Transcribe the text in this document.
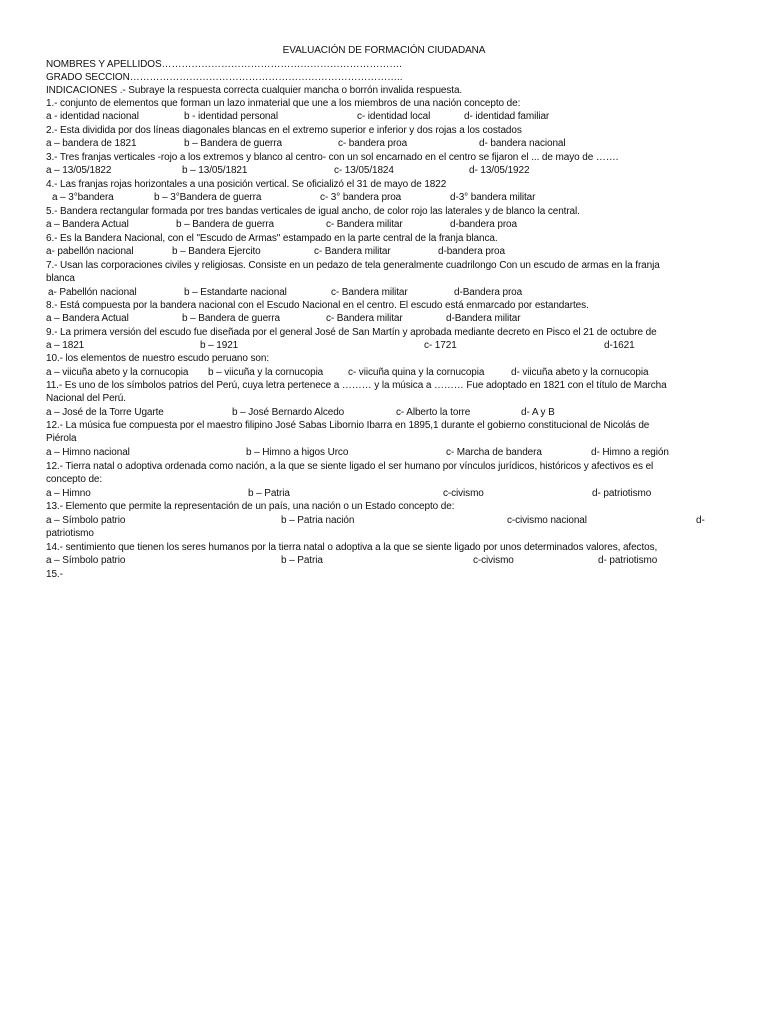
EVALUACIÓN DE FORMACIÓN CIUDADANA
NOMBRES Y APELLIDOS……………………………………………………………….
GRADO SECCION………………………………………………………………………..
INDICACIONES .- Subraye la respuesta correcta cualquier mancha o borrón invalida respuesta.
1.- conjunto de elementos que forman un lazo inmaterial que une a los miembros de una nación concepto de:
a - identidad nacional	b - identidad personal	c- identidad local	d- identidad familiar
2.- Esta dividida por dos líneas diagonales blancas en el extremo superior e inferior y dos rojas a los costados
a – bandera de 1821	b – Bandera de guerra	c- bandera proa	d- bandera nacional
3.- Tres franjas verticales -rojo a los extremos y blanco al centro- con un sol encarnado en el centro se fijaron el ... de mayo de …….
a – 13/05/1822	b – 13/05/1821	c- 13/05/1824	d- 13/05/1922
4.- Las franjas rojas horizontales a una posición vertical. Se oficializó el 31 de mayo de 1822
a – 3°bandera	b – 3°Bandera de guerra	c- 3° bandera proa	d-3° bandera militar
5.- Bandera rectangular formada por tres bandas verticales de igual ancho, de color rojo las laterales y de blanco la central.
a – Bandera Actual	b – Bandera de guerra	c- Bandera militar	d-bandera proa
6.- Es la Bandera Nacional, con el "Escudo de Armas" estampado en la parte central de la franja blanca.
a- pabellón nacional	b – Bandera Ejercito	c- Bandera militar	d-bandera proa
7.- Usan las corporaciones civiles y religiosas. Consiste en un pedazo de tela generalmente cuadrilongo Con un escudo de armas en la franja
blanca
a- Pabellón nacional	b – Estandarte nacional	c- Bandera militar	d-Bandera proa
8.- Está compuesta por la bandera nacional con el Escudo Nacional en el centro. El escudo está enmarcado por estandartes.
a – Bandera Actual	b – Bandera de guerra	c- Bandera militar	d-Bandera militar
9.- La primera versión del escudo fue diseñada por el general José de San Martín y aprobada mediante decreto en Pisco el 21 de octubre de
a – 1821	b – 1921	c- 1721	d-1621
10.- los elementos de nuestro escudo peruano son:
a – viicuña abeto y la cornucopia b – viicuña y la cornucopia c- viicuña quina y la cornucopia	d- viicuña abeto y la cornucopia
11.- Es uno de los símbolos patrios del Perú, cuya letra pertenece a ……… y la música a ……… Fue adoptado en 1821 con el título de Marcha
Nacional del Perú.
a – José de la Torre Ugarte	b – José Bernardo Alcedo	c- Alberto la torre	d- A y B
12.- La música fue compuesta por el maestro filipino José Sabas Libornio Ibarra en 1895,1 durante el gobierno constitucional de Nicolás de
Piérola
a – Himno nacional	b – Himno a higos Urco	c- Marcha de bandera	d- Himno a región
12.- Tierra natal o adoptiva ordenada como nación, a la que se siente ligado el ser humano por vínculos jurídicos, históricos y afectivos es el
concepto de:
a – Himno	b – Patria	c-civismo	d- patriotismo
13.- Elemento que permite la representación de un país, una nación o un Estado concepto de:
a – Símbolo patrio	b – Patria nación	c-civismo nacional	d-
patriotismo
14.- sentimiento que tienen los seres humanos por la tierra natal o adoptiva a la que se siente ligado por unos determinados valores, afectos,
a – Símbolo patrio	b – Patria	c-civismo	d- patriotismo
15.-
